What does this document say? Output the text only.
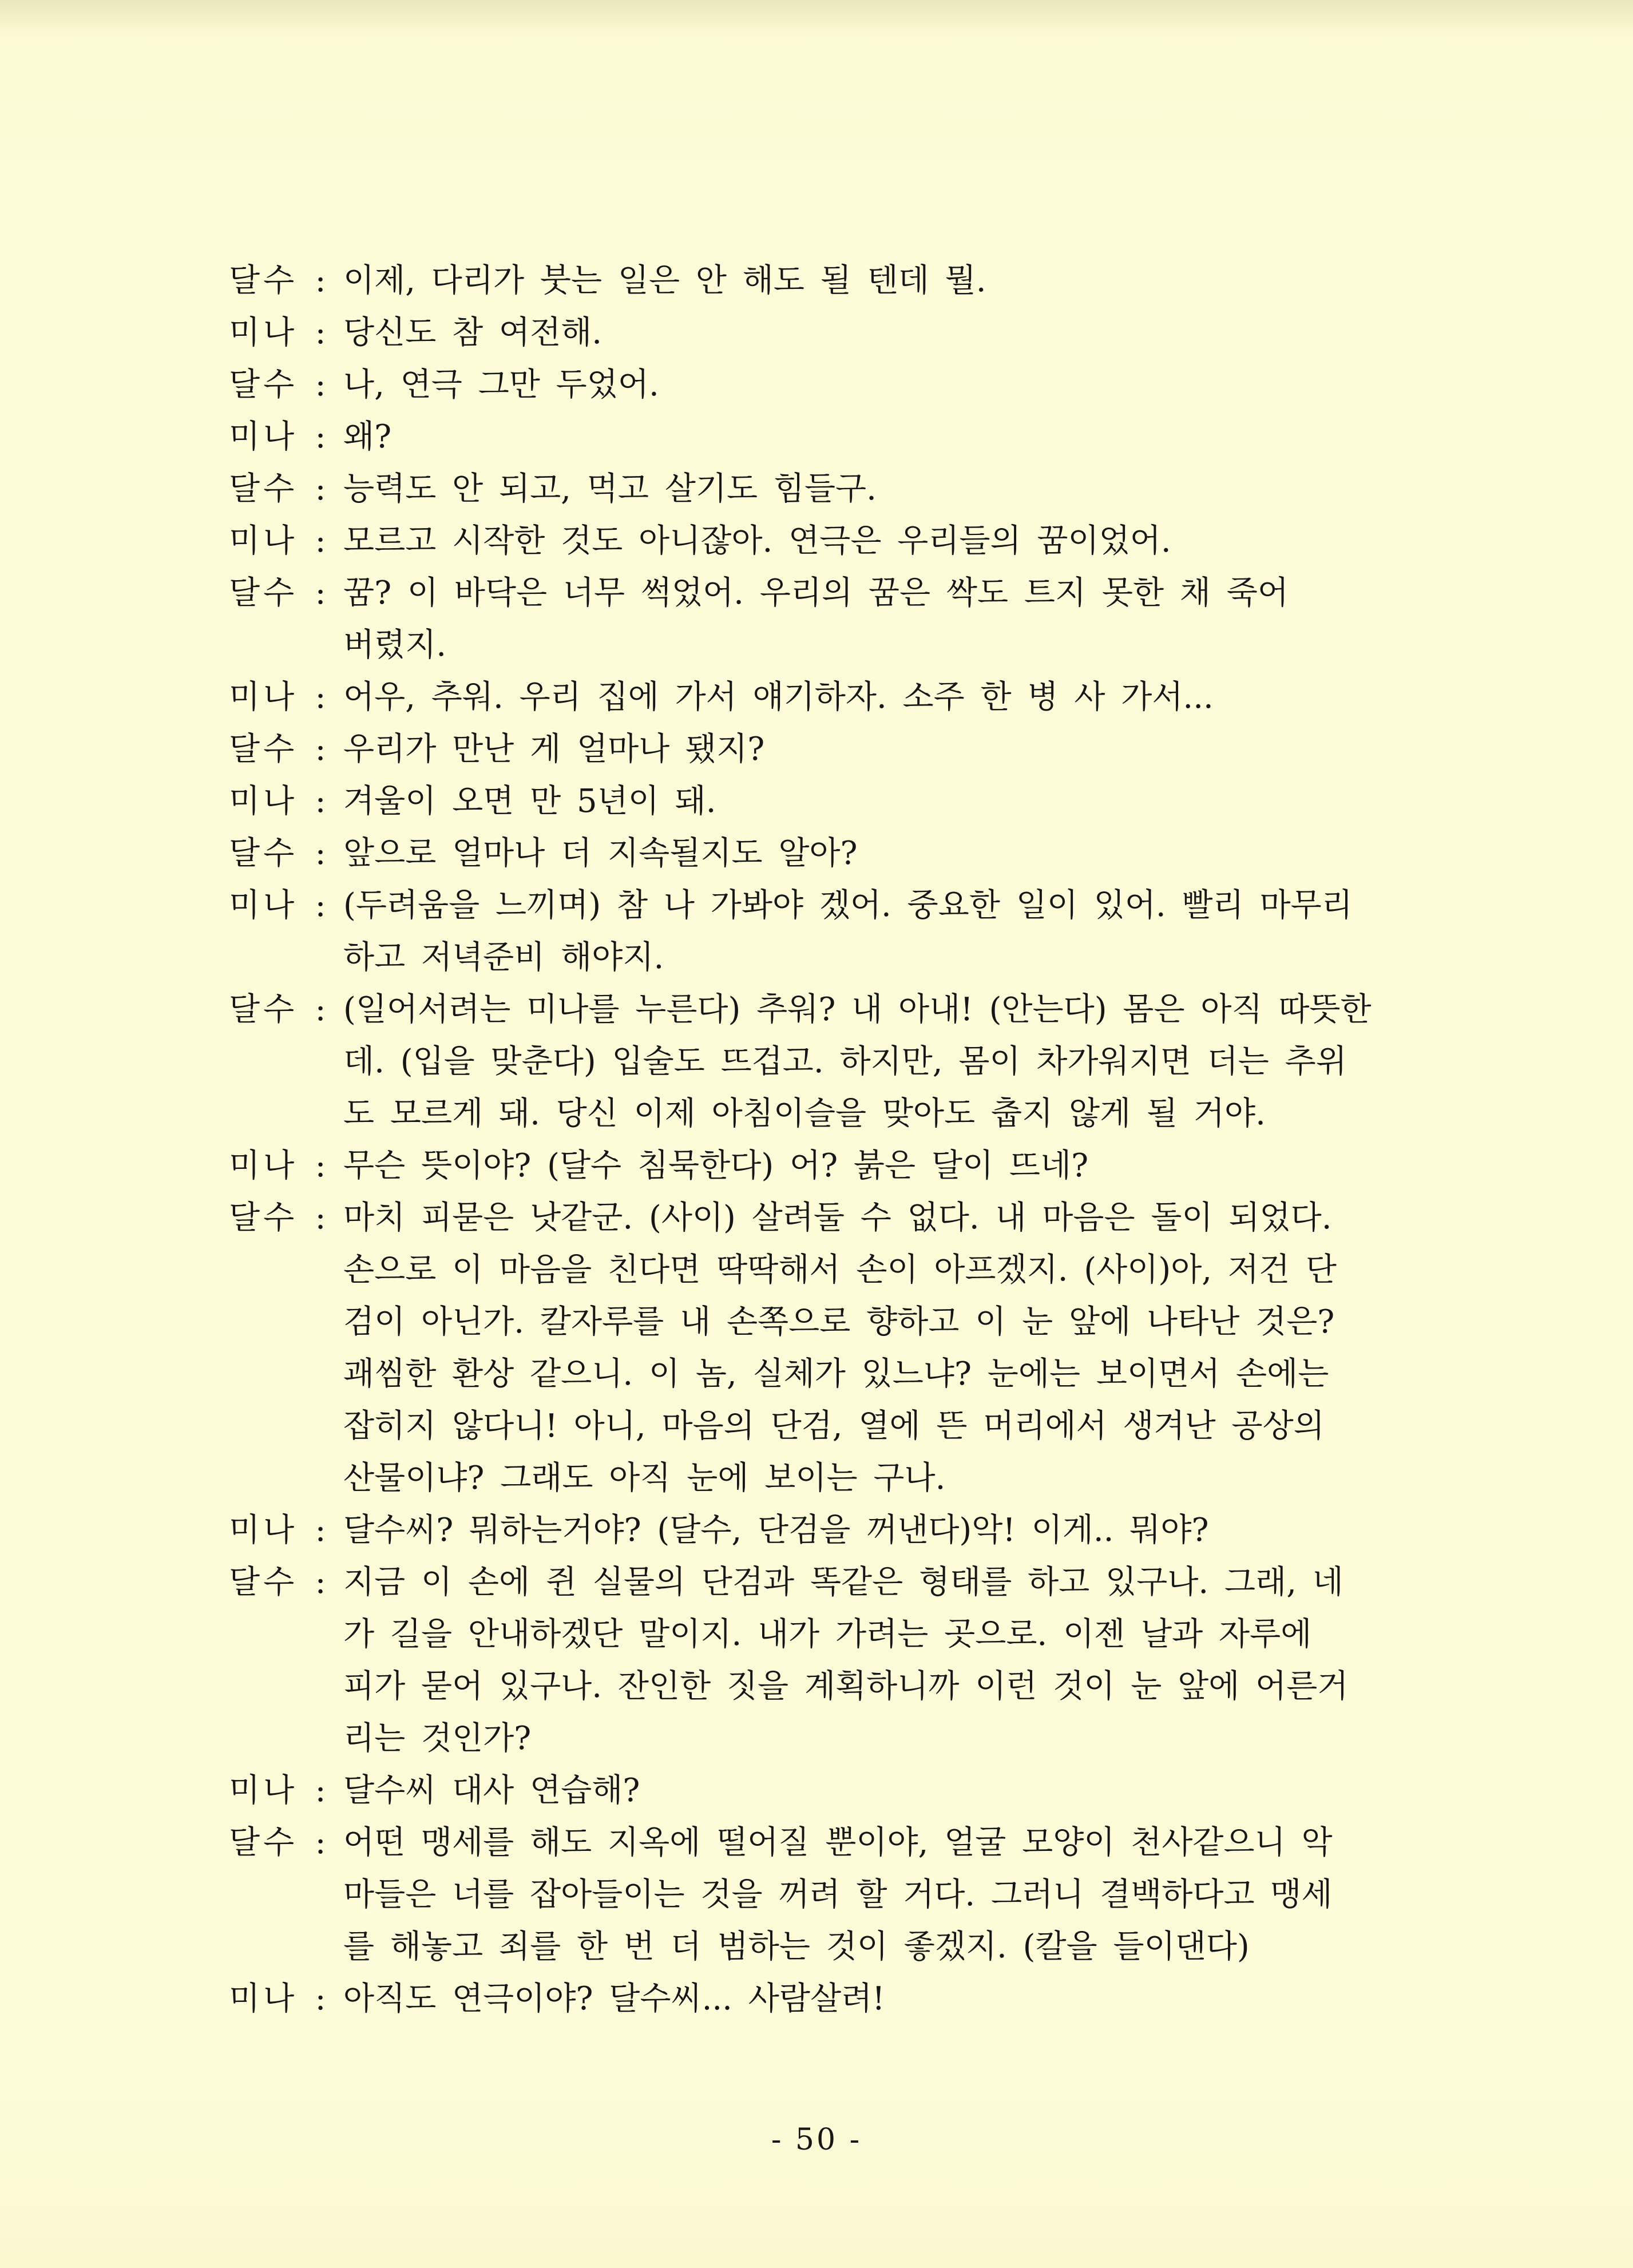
달수 : 이제, 다리가 붓는 일은 안 해도 될 텐데 뭘.
미나 : 당신도 참 여전해.
달수 : 나, 연극 그만 두었어.
미나 : 왜?
달수 : 능력도 안 되고, 먹고 살기도 힘들구.
미나 : 모르고 시작한 것도 아니잖아. 연극은 우리들의 꿈이었어.
달수 : 꿈? 이 바닥은 너무 썩었어. 우리의 꿈은 싹도 트지 못한 채 죽어
버렸지.
미나 : 어우, 추워. 우리 집에 가서 얘기하자. 소주 한 병 사 가서...
달수 : 우리가 만난 게 얼마나 됐지?
미나 : 겨울이 오면 만 5년이 돼.
달수 : 앞으로 얼마나 더 지속될지도 알아?
미나 : (두려움을 느끼며) 참 나 가봐야 겠어. 중요한 일이 있어. 빨리 마무리
하고 저녁준비 해야지.
달수 : (일어서려는 미나를 누른다) 추워? 내 아내! (안는다) 몸은 아직 따뜻한
데. (입을 맞춘다) 입술도 뜨겁고. 하지만, 몸이 차가워지면 더는 추위
도 모르게 돼. 당신 이제 아침이슬을 맞아도 춥지 않게 될 거야.
미나 : 무슨 뜻이야? (달수 침묵한다) 어? 붉은 달이 뜨네?
달수 : 마치 피묻은 낫같군. (사이) 살려둘 수 없다. 내 마음은 돌이 되었다.
손으로 이 마음을 친다면 딱딱해서 손이 아프겠지. (사이)아, 저건 단
검이 아닌가. 칼자루를 내 손쪽으로 향하고 이 눈 앞에 나타난 것은?
괘씸한 환상 같으니. 이 놈, 실체가 있느냐? 눈에는 보이면서 손에는
잡히지 않다니! 아니, 마음의 단검, 열에 뜬 머리에서 생겨난 공상의
산물이냐? 그래도 아직 눈에 보이는 구나.
미나 : 달수씨? 뭐하는거야? (달수, 단검을 꺼낸다)악! 이게.. 뭐야?
달수 : 지금 이 손에 쥔 실물의 단검과 똑같은 형태를 하고 있구나. 그래, 네
가 길을 안내하겠단 말이지. 내가 가려는 곳으로. 이젠 날과 자루에
피가 묻어 있구나. 잔인한 짓을 계획하니까 이런 것이 눈 앞에 어른거
리는 것인가?
미나 : 달수씨 대사 연습해?
달수 : 어떤 맹세를 해도 지옥에 떨어질 뿐이야, 얼굴 모양이 천사같으니 악
마들은 너를 잡아들이는 것을 꺼려 할 거다. 그러니 결백하다고 맹세
를 해놓고 죄를 한 번 더 범하는 것이 좋겠지. (칼을 들이댄다)
미나 : 아직도 연극이야? 달수씨... 사람살려!
- 50 -
